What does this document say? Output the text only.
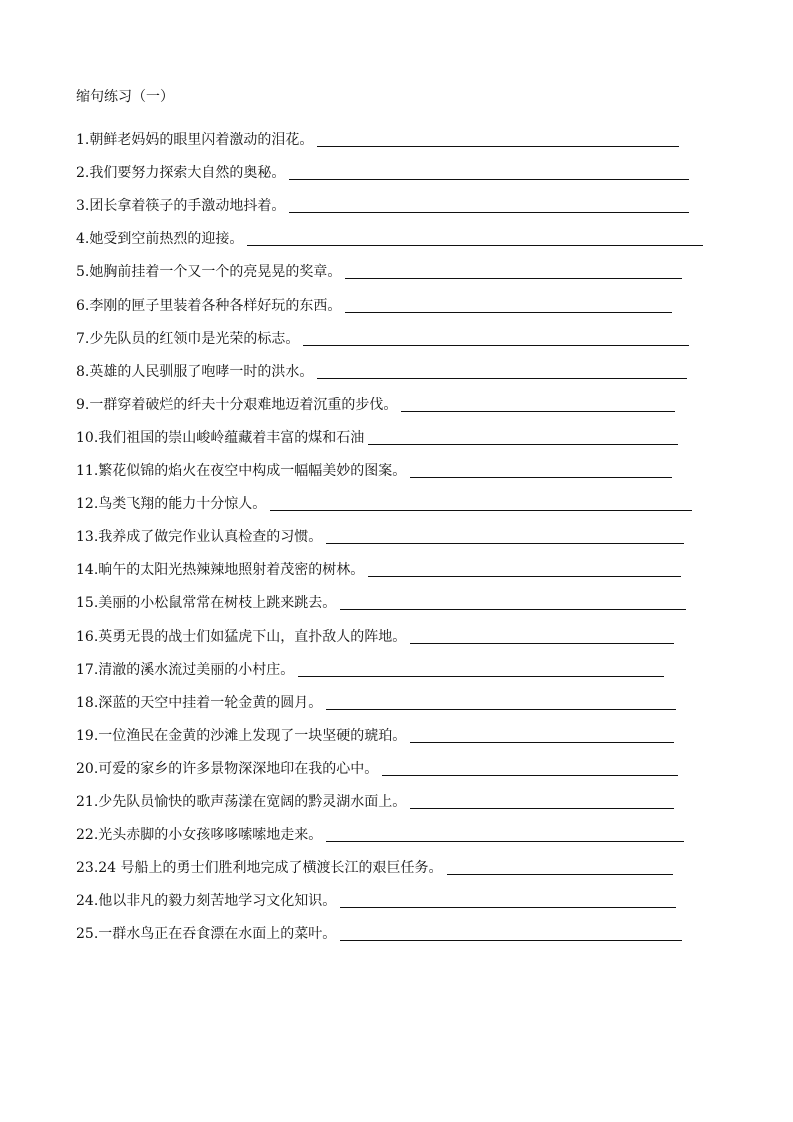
缩句练习（一）
1.朝鲜老妈妈的眼里闪着激动的泪花。
2.我们要努力探索大自然的奥秘。
3.团长拿着筷子的手激动地抖着。
4.她受到空前热烈的迎接。
5.她胸前挂着一个又一个的亮晃晃的奖章。
6.李刚的匣子里装着各种各样好玩的东西。
7.少先队员的红领巾是光荣的标志。
8.英雄的人民驯服了咆哮一时的洪水。
9.一群穿着破烂的纤夫十分艰难地迈着沉重的步伐。
10.我们祖国的崇山峻岭蕴藏着丰富的煤和石油
11.繁花似锦的焰火在夜空中构成一幅幅美妙的图案。
12.鸟类飞翔的能力十分惊人。
13.我养成了做完作业认真检查的习惯。
14.晌午的太阳光热辣辣地照射着茂密的树林。
15.美丽的小松鼠常常在树枝上跳来跳去。
16.英勇无畏的战士们如猛虎下山，直扑敌人的阵地。
17.清澈的溪水流过美丽的小村庄。
18.深蓝的天空中挂着一轮金黄的圆月。
19.一位渔民在金黄的沙滩上发现了一块坚硬的琥珀。
20.可爱的家乡的许多景物深深地印在我的心中。
21.少先队员愉快的歌声荡漾在宽阔的黔灵湖水面上。
22.光头赤脚的小女孩哆哆嗦嗦地走来。
23.24 号船上的勇士们胜利地完成了横渡长江的艰巨任务。
24.他以非凡的毅力刻苦地学习文化知识。
25.一群水鸟正在吞食漂在水面上的菜叶。
